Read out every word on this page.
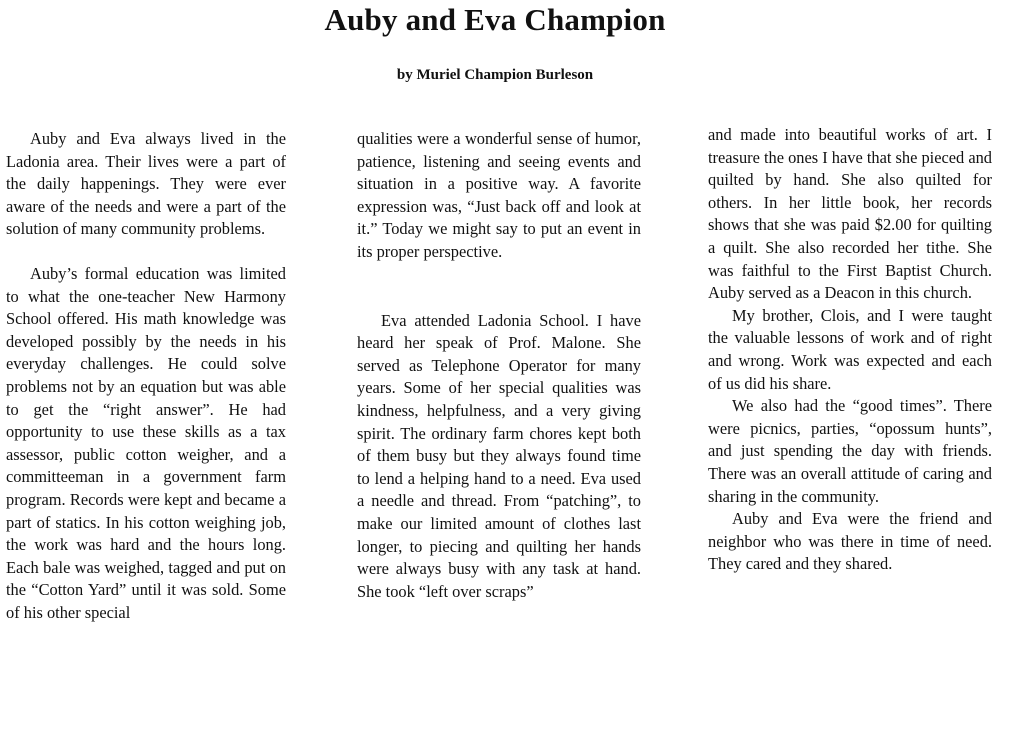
Auby and Eva Champion
by Muriel Champion Burleson

Auby and Eva always lived in the Ladonia area. Their lives were a part of the daily happenings. They were ever aware of the needs and were a part of the solution of many community problems.

Auby’s formal education was limited to what the one-teacher New Harmony School offered. His math knowledge was developed possibly by the needs in his everyday challenges. He could solve problems not by an equation but was able to get the “right answer”. He had opportunity to use these skills as a tax assessor, public cotton weigher, and a committeeman in a government farm program. Records were kept and became a part of statics. In his cotton weighing job, the work was hard and the hours long. Each bale was weighed, tagged and put on the “Cotton Yard” until it was sold. Some of his other special

qualities were a wonderful sense of humor, patience, listening and seeing events and situation in a positive way. A favorite expression was, “Just back off and look at it.” Today we might say to put an event in its proper perspective.

Eva attended Ladonia School. I have heard her speak of Prof. Malone. She served as Telephone Operator for many years. Some of her special qualities was kindness, helpfulness, and a very giving spirit. The ordinary farm chores kept both of them busy but they always found time to lend a helping hand to a need. Eva used a needle and thread. From “patching”, to make our limited amount of clothes last longer, to piecing and quilting her hands were always busy with any task at hand. She took “left over scraps”

and made into beautiful works of art. I treasure the ones I have that she pieced and quilted by hand. She also quilted for others. In her little book, her records shows that she was paid $2.00 for quilting a quilt. She also recorded her tithe. She was faithful to the First Baptist Church. Auby served as a Deacon in this church.

My brother, Clois, and I were taught the valuable lessons of work and of right and wrong. Work was expected and each of us did his share.

We also had the “good times”. There were picnics, parties, “opossum hunts”, and just spending the day with friends. There was an overall attitude of caring and sharing in the community.

Auby and Eva were the friend and neighbor who was there in time of need. They cared and they shared.
